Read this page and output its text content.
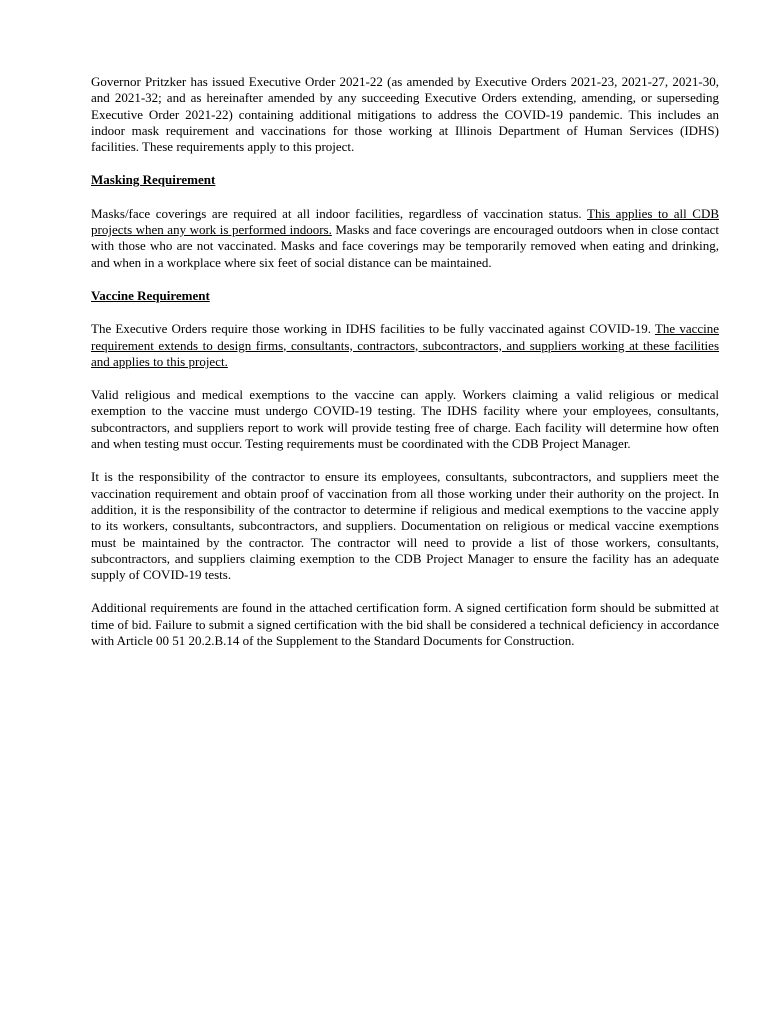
Governor Pritzker has issued Executive Order 2021-22 (as amended by Executive Orders 2021-23, 2021-27, 2021-30, and 2021-32; and as hereinafter amended by any succeeding Executive Orders extending, amending, or superseding Executive Order 2021-22) containing additional mitigations to address the COVID-19 pandemic. This includes an indoor mask requirement and vaccinations for those working at Illinois Department of Human Services (IDHS) facilities. These requirements apply to this project.

Masking Requirement

Masks/face coverings are required at all indoor facilities, regardless of vaccination status. This applies to all CDB projects when any work is performed indoors. Masks and face coverings are encouraged outdoors when in close contact with those who are not vaccinated. Masks and face coverings may be temporarily removed when eating and drinking, and when in a workplace where six feet of social distance can be maintained.

Vaccine Requirement

The Executive Orders require those working in IDHS facilities to be fully vaccinated against COVID-19. The vaccine requirement extends to design firms, consultants, contractors, subcontractors, and suppliers working at these facilities and applies to this project.

Valid religious and medical exemptions to the vaccine can apply. Workers claiming a valid religious or medical exemption to the vaccine must undergo COVID-19 testing. The IDHS facility where your employees, consultants, subcontractors, and suppliers report to work will provide testing free of charge. Each facility will determine how often and when testing must occur. Testing requirements must be coordinated with the CDB Project Manager.

It is the responsibility of the contractor to ensure its employees, consultants, subcontractors, and suppliers meet the vaccination requirement and obtain proof of vaccination from all those working under their authority on the project. In addition, it is the responsibility of the contractor to determine if religious and medical exemptions to the vaccine apply to its workers, consultants, subcontractors, and suppliers. Documentation on religious or medical vaccine exemptions must be maintained by the contractor. The contractor will need to provide a list of those workers, consultants, subcontractors, and suppliers claiming exemption to the CDB Project Manager to ensure the facility has an adequate supply of COVID-19 tests.

Additional requirements are found in the attached certification form. A signed certification form should be submitted at time of bid. Failure to submit a signed certification with the bid shall be considered a technical deficiency in accordance with Article 00 51 20.2.B.14 of the Supplement to the Standard Documents for Construction.
